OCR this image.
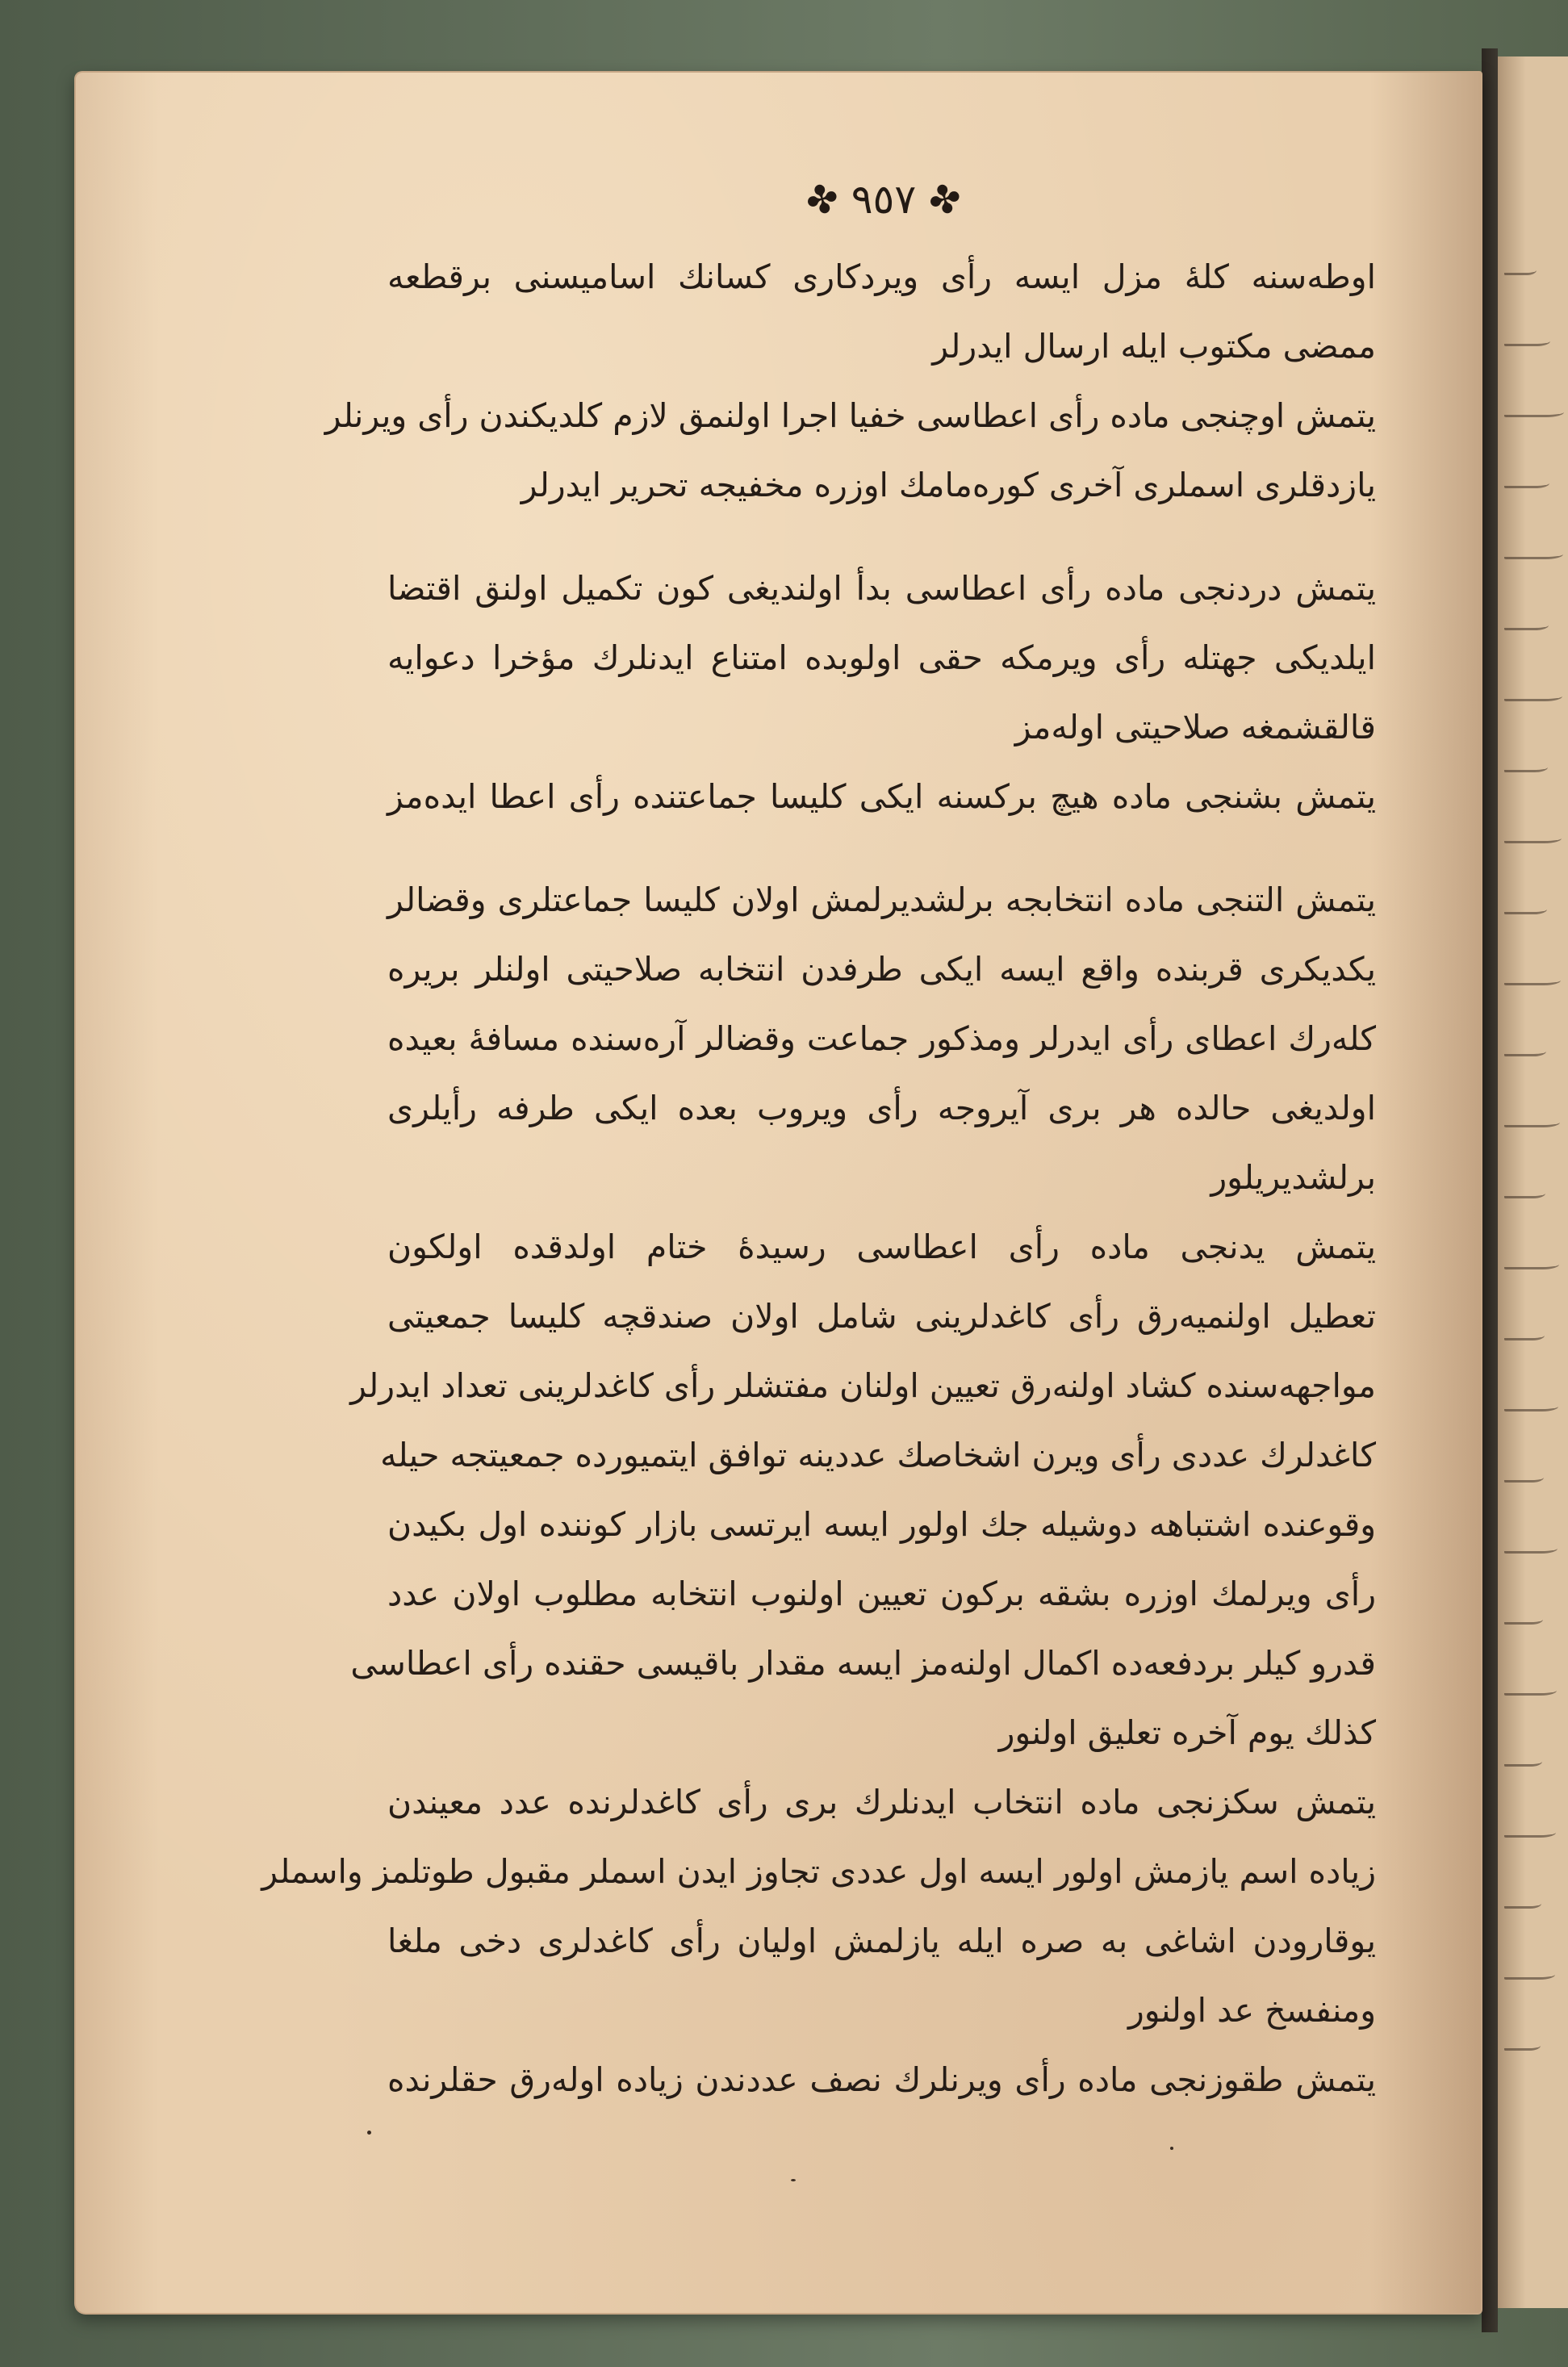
✤ ٩٥٧ ✤
اوطه‌سنه کلهٔ مزل ایسه رأی ویردکاری کسانك اسامیسنی برقطعه
ممضی مکتوب ایله ارسال ایدرلر
یتمش اوچنجی ماده رأی اعطاسی خفیا اجرا اولنمق لازم کلدیکندن رأی ویرنلر
یازدقلری اسملری آخری کورەمامك اوزرە مخفیجه تحریر ایدرلر
یتمش دردنجی ماده رأی اعطاسی بدأ اولندیغی کون تکمیل اولنق اقتضا
ایلدیکی جهتله رأی ویرمکه حقی اولوبده امتناع ایدنلرك مؤخرا دعوایه
قالقشمغه صلاحیتی اولەمز
یتمش بشنجی ماده هیچ برکسنه ایکی کلیسا جماعتنده رأی اعطا ایدەمز
یتمش التنجی ماده انتخابجه برلشدیرلمش اولان کلیسا جماعتلری وقضالر
یکدیکری قربنده واقع ایسه ایکی طرفدن انتخابه صلاحیتی اولنلر بریره
کلەرك اعطای رأی ایدرلر ومذکور جماعت وقضالر آرەسنده مسافهٔ بعیده
اولدیغی حالده هر بری آیروجه رأی ویروب بعده ایکی طرفه رأیلری
برلشدیریلور
یتمش یدنجی ماده رأی اعطاسی رسیدهٔ ختام اولدقده اولکون
تعطیل اولنمیەرق رأی کاغدلرینی شامل اولان صندقچه کلیسا جمعیتی
مواجهه‌سنده کشاد اولنەرق تعیین اولنان مفتشلر رأی کاغدلرینی تعداد ایدرلر
کاغدلرك عددی رأی ویرن اشخاصك عددینه توافق ایتمیورده جمعیتجه حیله
وقوعنده اشتباهه دوشیله جك اولور ایسه ایرتسی بازار کوننده اول بکیدن
رأی ویرلمك اوزره بشقه برکون تعیین اولنوب انتخابه مطلوب اولان عدد
قدرو کیلر بردفعه‌ده اکمال اولنەمز ایسه مقدار باقیسی حقنده رأی اعطاسی
کذلك یوم آخره تعلیق اولنور
یتمش سکزنجی ماده انتخاب ایدنلرك بری رأی کاغدلرنده عدد معیندن
زیاده اسم یازمش اولور ایسه اول عددی تجاوز ایدن اسملر مقبول طوتلمز واسملر
یوقارودن اشاغی به صره ایله یازلمش اولیان رأی کاغدلری دخی ملغا
ومنفسخ عد اولنور
یتمش طقوزنجی ماده رأی ویرنلرك نصف عددندن زیاده اولەرق حقلرنده
